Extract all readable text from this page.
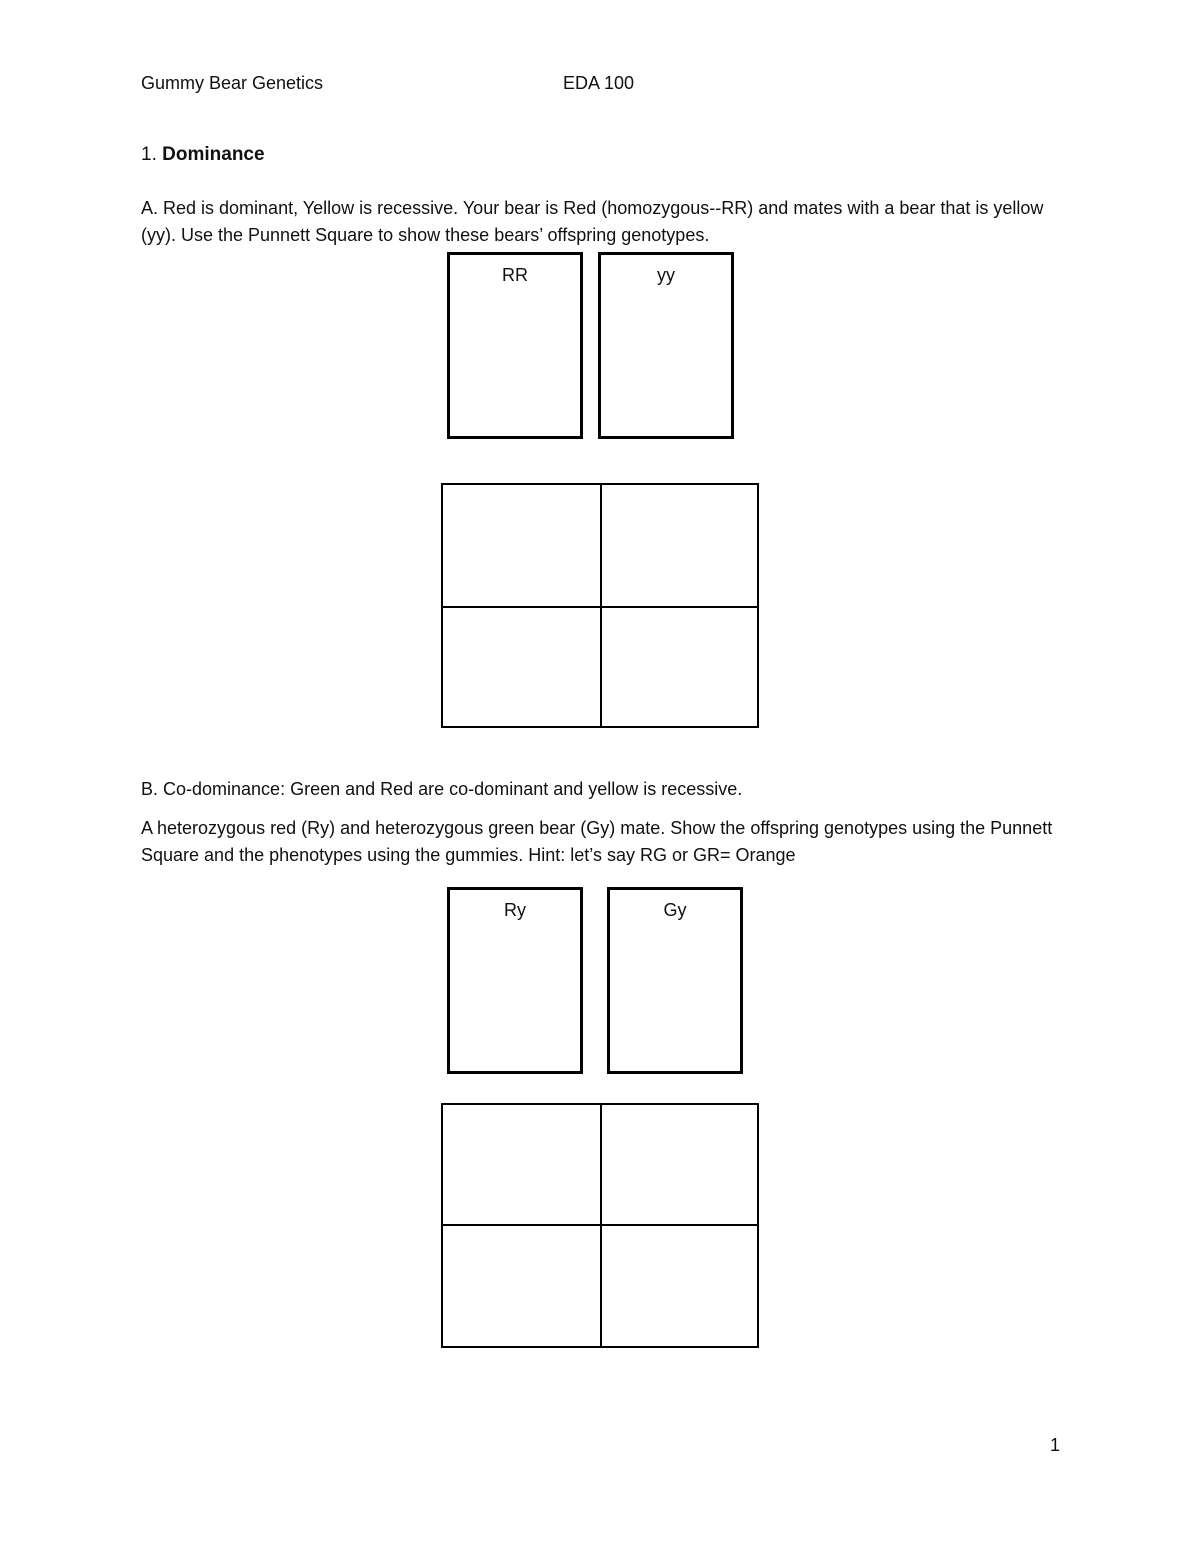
Gummy Bear Genetics	EDA 100
1. Dominance
A. Red is dominant, Yellow is recessive. Your bear is Red (homozygous--RR) and mates with a bear that is yellow (yy). Use the Punnett Square to show these bears’ offspring genotypes.
RR	yy
B. Co-dominance: Green and Red are co-dominant and yellow is recessive.
A heterozygous red (Ry) and heterozygous green bear (Gy) mate. Show the offspring genotypes using the Punnett Square and the phenotypes using the gummies. Hint: let’s say RG or GR= Orange
Ry	Gy
1
